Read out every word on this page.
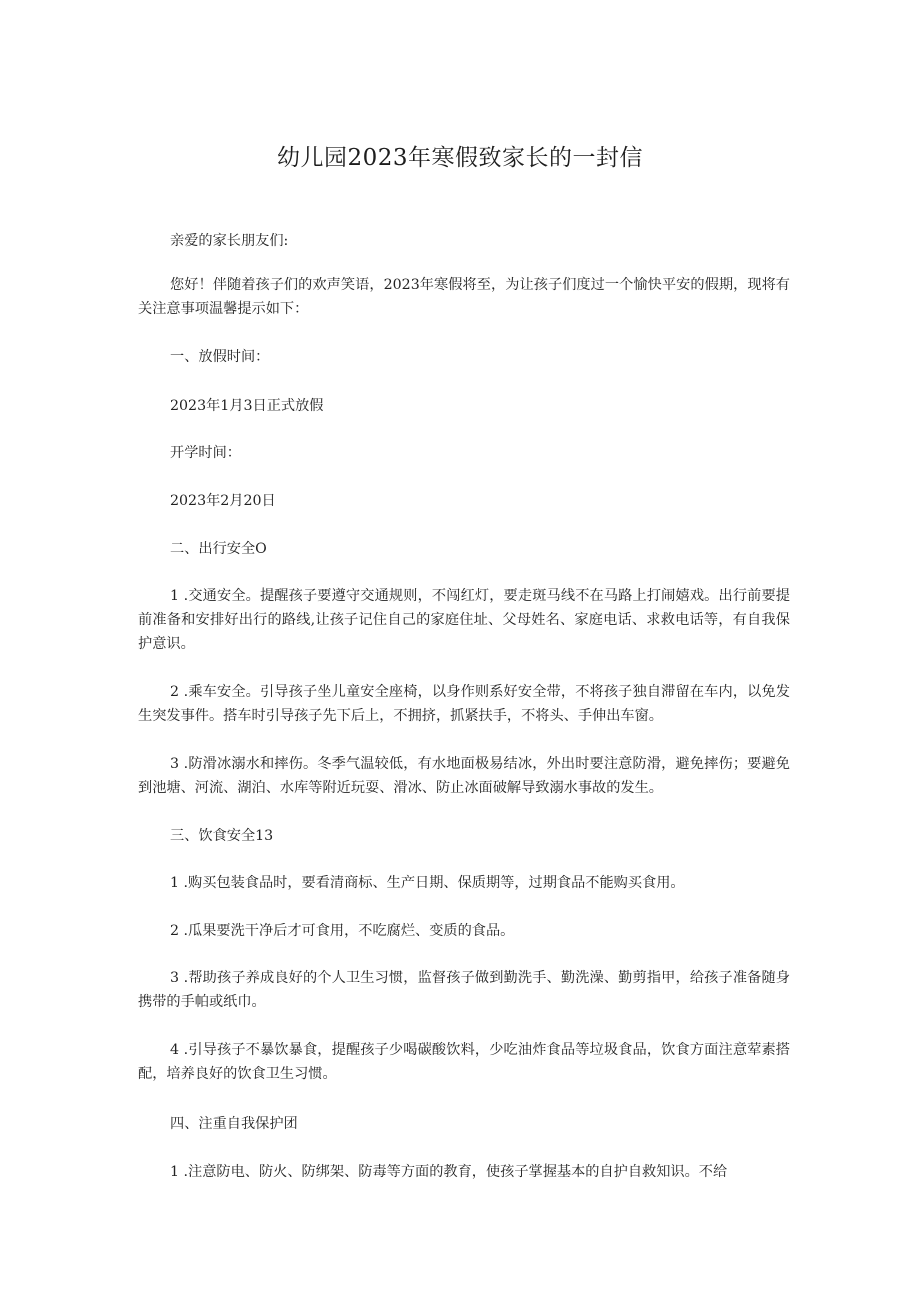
幼儿园2023年寒假致家长的一封信
亲爱的家长朋友们:
您好！伴随着孩子们的欢声笑语，2023年寒假将至，为让孩子们度过一个愉快平安的假期，现将有关注意事项温馨提示如下：
一、放假时间：
2023年1月3日正式放假
开学时间：
2023年2月20日
二、出行安全O
1 .交通安全。提醒孩子要遵守交通规则，不闯红灯，要走斑马线不在马路上打闹嬉戏。出行前要提前准备和安排好出行的路线,让孩子记住自己的家庭住址、父母姓名、家庭电话、求救电话等，有自我保护意识。
2 .乘车安全。引导孩子坐儿童安全座椅，以身作则系好安全带，不将孩子独自滞留在车内，以免发生突发事件。搭车时引导孩子先下后上，不拥挤，抓紧扶手，不将头、手伸出车窗。
3 .防滑冰溺水和摔伤。冬季气温较低，有水地面极易结冰，外出时要注意防滑，避免摔伤；要避免到池塘、河流、湖泊、水库等附近玩耍、滑冰、防止冰面破解导致溺水事故的发生。
三、饮食安全13
1 .购买包装食品时，要看清商标、生产日期、保质期等，过期食品不能购买食用。
2 .瓜果要洗干净后才可食用，不吃腐烂、变质的食品。
3 .帮助孩子养成良好的个人卫生习惯，监督孩子做到勤洗手、勤洗澡、勤剪指甲，给孩子准备随身携带的手帕或纸巾。
4 .引导孩子不暴饮暴食，提醒孩子少喝碳酸饮料，少吃油炸食品等垃圾食品，饮食方面注意荤素搭配，培养良好的饮食卫生习惯。
四、注重自我保护团
1 .注意防电、防火、防绑架、防毒等方面的教育，使孩子掌握基本的自护自救知识。不给
